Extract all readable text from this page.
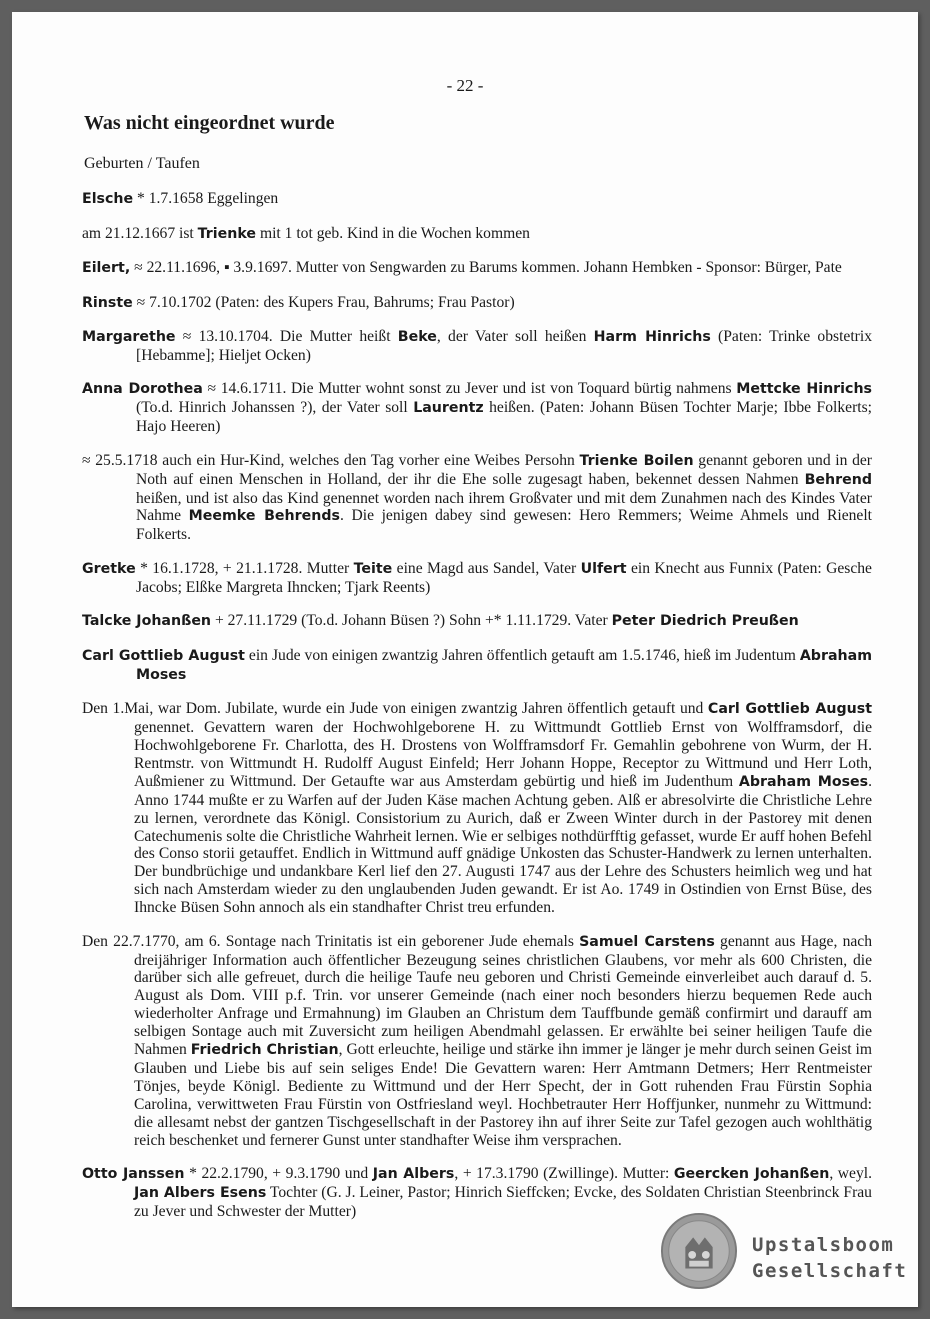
- 22 -
Was nicht eingeordnet wurde
Geburten / Taufen

Elsche * 1.7.1658 Eggelingen

am 21.12.1667 ist Trienke mit 1 tot geb. Kind in die Wochen kommen

Eilert, ≈ 22.11.1696, ▪ 3.9.1697. Mutter von Sengwarden zu Barums kommen. Johann Hembken - Sponsor: Bürger, Pate

Rinste ≈ 7.10.1702 (Paten: des Kupers Frau, Bahrums; Frau Pastor)

Margarethe ≈ 13.10.1704. Die Mutter heißt Beke, der Vater soll heißen Harm Hinrichs (Paten: Trinke obstetrix [Hebamme]; Hieljet Ocken)

Anna Dorothea ≈ 14.6.1711. Die Mutter wohnt sonst zu Jever und ist von Toquard bürtig nahmens Mettcke Hinrichs (To.d. Hinrich Johanssen ?), der Vater soll Laurentz heißen. (Paten: Johann Büsen Tochter Marje; Ibbe Folkerts; Hajo Heeren)

≈ 25.5.1718 auch ein Hur-Kind, welches den Tag vorher eine Weibes Persohn Trienke Boilen genannt geboren und in der Noth auf einen Menschen in Holland, der ihr die Ehe solle zugesagt haben, bekennet dessen Nahmen Behrend heißen, und ist also das Kind genennet worden nach ihrem Großvater und mit dem Zunahmen nach des Kindes Vater Nahme Meemke Behrends. Die jenigen dabey sind gewesen: Hero Remmers; Weime Ahmels und Rienelt Folkerts.

Gretke * 16.1.1728, + 21.1.1728. Mutter Teite eine Magd aus Sandel, Vater Ulfert ein Knecht aus Funnix (Paten: Gesche Jacobs; Elßke Margreta Ihncken; Tjark Reents)

Talcke Johanßen + 27.11.1729 (To.d. Johann Büsen ?) Sohn +* 1.11.1729. Vater Peter Diedrich Preußen

Carl Gottlieb August ein Jude von einigen zwantzig Jahren öffentlich getauft am 1.5.1746, hieß im Judentum Abraham Moses

Den 1.Mai, war Dom. Jubilate, wurde ein Jude von einigen zwantzig Jahren öffentlich getauft und Carl Gottlieb August genennet. Gevattern waren der Hochwohlgeborene H. zu Wittmundt Gottlieb Ernst von Wolfframsdorf, die Hochwohlgeborene Fr. Charlotta, des H. Drostens von Wolfframsdorf Fr. Gemahlin gebohrene von Wurm, der H. Rentmstr. von Wittmundt H. Rudolff August Einfeld; Herr Johann Hoppe, Receptor zu Wittmund und Herr Loth, Außmiener zu Wittmund. Der Getaufte war aus Amsterdam gebürtig und hieß im Judenthum Abraham Moses. Anno 1744 mußte er zu Warfen auf der Juden Käse machen Achtung geben. Alß er abresolvirte die Christliche Lehre zu lernen, verordnete das Königl. Consistorium zu Aurich, daß er Zween Winter durch in der Pastorey mit denen Catechumenis solte die Christliche Wahrheit lernen. Wie er selbiges nothdürfftig gefasset, wurde Er auff hohen Befehl des Conso storii getauffet. Endlich in Wittmund auff gnädige Unkosten das Schuster-Handwerk zu lernen unterhalten. Der bundbrüchige und undankbare Kerl lief den 27. Augusti 1747 aus der Lehre des Schusters heimlich weg und hat sich nach Amsterdam wieder zu den unglaubenden Juden gewandt. Er ist Ao. 1749 in Ostindien von Ernst Büse, des Ihncke Büsen Sohn annoch als ein standhafter Christ treu erfunden.

Den 22.7.1770, am 6. Sontage nach Trinitatis ist ein geborener Jude ehemals Samuel Carstens genannt aus Hage, nach dreijähriger Information auch öffentlicher Bezeugung seines christlichen Glaubens, vor mehr als 600 Christen, die darüber sich alle gefreuet, durch die heilige Taufe neu geboren und Christi Gemeinde einverleibet auch darauf d. 5. August als Dom. VIII p.f. Trin. vor unserer Gemeinde (nach einer noch besonders hierzu bequemen Rede auch wiederholter Anfrage und Ermahnung) im Glauben an Christum dem Tauffbunde gemäß confirmirt und darauff am selbigen Sontage auch mit Zuversicht zum heiligen Abendmahl gelassen. Er erwählte bei seiner heiligen Taufe die Nahmen Friedrich Christian, Gott erleuchte, heilige und stärke ihn immer je länger je mehr durch seinen Geist im Glauben und Liebe bis auf sein seliges Ende! Die Gevattern waren: Herr Amtmann Detmers; Herr Rentmeister Tönjes, beyde Königl. Bediente zu Wittmund und der Herr Specht, der in Gott ruhenden Frau Fürstin Sophia Carolina, verwittweten Frau Fürstin von Ostfriesland weyl. Hochbetrauter Herr Hoffjunker, nunmehr zu Wittmund: die allesamt nebst der gantzen Tischgesellschaft in der Pastorey ihn auf ihrer Seite zur Tafel gezogen auch wohlthätig reich beschenket und fernerer Gunst unter standhafter Weise ihm versprachen.

Otto Janssen * 22.2.1790, + 9.3.1790 und Jan Albers, + 17.3.1790 (Zwillinge). Mutter: Geercken Johanßen, weyl. Jan Albers Esens Tochter (G. J. Leiner, Pastor; Hinrich Sieffcken; Evcke, des Soldaten Christian Steenbrinck Frau zu Jever und Schwester der Mutter)

Upstalsboom
Gesellschaft
